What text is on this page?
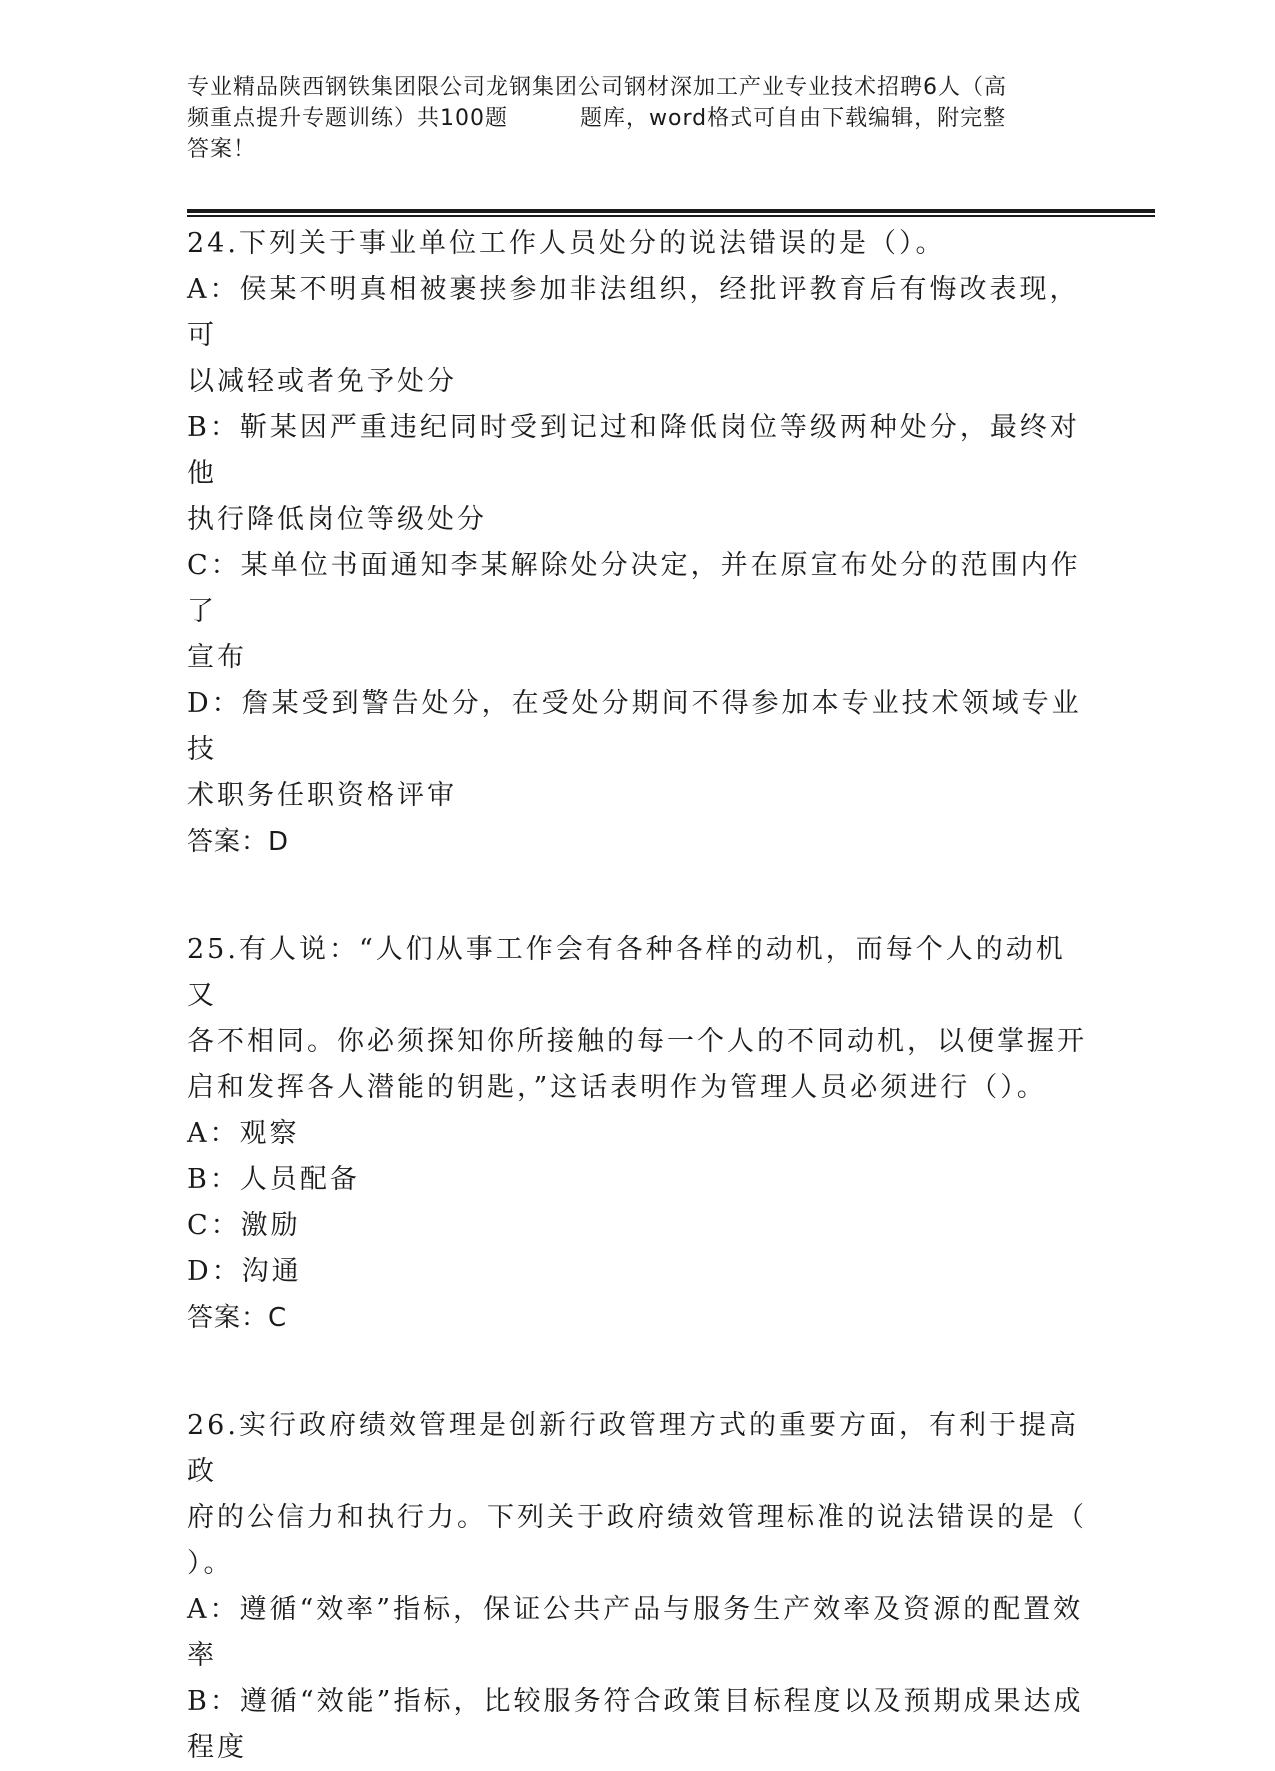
专业精品陕西钢铁集团限公司龙钢集团公司钢材深加工产业专业技术招聘6人（高
频重点提升专题训练）共100题	题库，word格式可自由下载编辑，附完整
答案！

24.下列关于事业单位工作人员处分的说法错误的是（）。

A：侯某不明真相被裹挟参加非法组织，经批评教育后有悔改表现，可

以减轻或者免予处分

B：靳某因严重违纪同时受到记过和降低岗位等级两种处分，最终对他

执行降低岗位等级处分

C：某单位书面通知李某解除处分决定，并在原宣布处分的范围内作了

宣布

D：詹某受到警告处分，在受处分期间不得参加本专业技术领域专业技

术职务任职资格评审

答案：D

25.有人说：“人们从事工作会有各种各样的动机，而每个人的动机又

各不相同。你必须探知你所接触的每一个人的不同动机，以便掌握开

启和发挥各人潜能的钥匙，”这话表明作为管理人员必须进行（）。

A：观察

B：人员配备

C：激励

D：沟通

答案：C

26.实行政府绩效管理是创新行政管理方式的重要方面，有利于提高政

府的公信力和执行力。下列关于政府绩效管理标准的说法错误的是（

）。

A：遵循“效率”指标，保证公共产品与服务生产效率及资源的配置效

率

B：遵循“效能”指标，比较服务符合政策目标程度以及预期成果达成

程度
